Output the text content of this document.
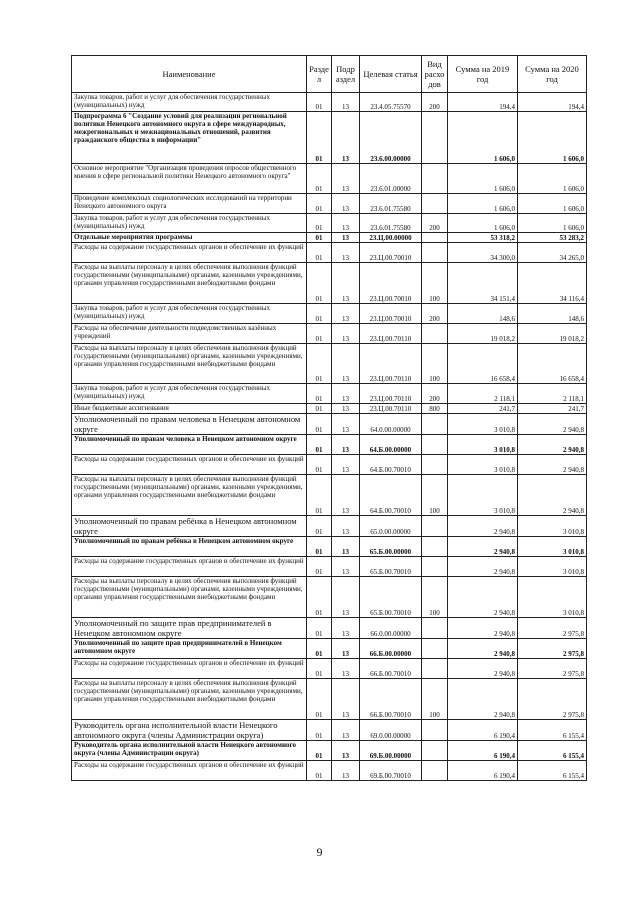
Наименование	Разде л	Подр аздел	Целевая статья	Вид расхо дов	Сумма на 2019 год	Сумма на 2020 год
Закупка товаров, работ и услуг для обеспечения государственных (муниципальных) нужд	01	13	23.4.05.75570	200	194,4	194,4
Подпрограмма 6 "Создание условий для реализации региональной политики Ненецкого автономного округа в сфере международных, межрегиональных и межнациональных отношений, развития гражданского общества в информации"	01	13	23.6.00.00000		1 606,0	1 606,0
Основное мероприятие "Организация проведения опросов общественного мнения в сфере региональной политики Ненецкого автономного округа"	01	13	23.6.01.00000		1 606,0	1 606,0
Проведение комплексных социологических исследований на территории Ненецкого автономного округа	01	13	23.6.01.75580		1 606,0	1 606,0
Закупка товаров, работ и услуг для обеспечения государственных (муниципальных) нужд	01	13	23.6.01.75580	200	1 606,0	1 606,0
Отдельные мероприятия программы	01	13	23.Ц.00.00000		53 318,2	53 283,2
Расходы на содержание государственных органов и обеспечение их функций	01	13	23.Ц.00.70010		34 300,0	34 265,0
Расходы на выплаты персоналу в целях обеспечения выполнения функций государственными (муниципальными) органами, казенными учреждениями, органами управления государственными внебюджетными фондами	01	13	23.Ц.00.70010	100	34 151,4	34 116,4
Закупка товаров, работ и услуг для обеспечения государственных (муниципальных) нужд	01	13	23.Ц.00.70010	200	148,6	148,6
Расходы на обеспечение деятельности подведомственных казённых учреждений	01	13	23.Ц.00.70110		19 018,2	19 018,2
Расходы на выплаты персоналу в целях обеспечения выполнения функций государственными (муниципальными) органами, казенными учреждениями, органами управления государственными внебюджетными фондами	01	13	23.Ц.00.70110	100	16 658,4	16 658,4
Закупка товаров, работ и услуг для обеспечения государственных (муниципальных) нужд	01	13	23.Ц.00.70110	200	2 118,1	2 118,1
Иные бюджетные ассигнования	01	13	23.Ц.00.70110	800	241,7	241,7
Уполномоченный по правам человека в Ненецком автономном округе	01	13	64.0.00.00000		3 010,8	2 940,8
Уполномоченный по правам человека в Ненецком автономном округе	01	13	64.Б.00.00000		3 010,8	2 940,8
Расходы на содержание государственных органов и обеспечение их функций	01	13	64.Б.00.70010		3 010,8	2 940,8
Расходы на выплаты персоналу в целях обеспечения выполнения функций государственными (муниципальными) органами, казенными учреждениями, органами управления государственными внебюджетными фондами	01	13	64.Б.00.70010	100	3 010,8	2 940,8
Уполномоченный по правам ребёнка в Ненецком автономном округе	01	13	65.0.00.00000		2 940,8	3 010,8
Уполномоченный по правам ребёнка в Ненецком автономном округе	01	13	65.Б.00.00000		2 940,8	3 010,8
Расходы на содержание государственных органов и обеспечение их функций	01	13	65.Б.00.70010		2 940,8	3 010,8
Расходы на выплаты персоналу в целях обеспечения выполнения функций государственными (муниципальными) органами, казенными учреждениями, органами управления государственными внебюджетными фондами	01	13	65.Б.00.70010	100	2 940,8	3 010,8
Уполномоченный по защите прав предпринимателей в Ненецком автономном округе	01	13	66.0.00.00000		2 940,8	2 975,8
Уполномоченный по защите прав предпринимателей в Ненецком автономном округе	01	13	66.Б.00.00000		2 940,8	2 975,8
Расходы на содержание государственных органов и обеспечение их функций	01	13	66.Б.00.70010		2 940,8	2 975,8
Расходы на выплаты персоналу в целях обеспечения выполнения функций государственными (муниципальными) органами, казенными учреждениями, органами управления государственными внебюджетными фондами	01	13	66.Б.00.70010	100	2 940,8	2 975,8
Руководитель органа исполнительной власти Ненецкого автономного округа (члены Администрации округа)	01	13	69.0.00.00000		6 190,4	6 155,4
Руководитель органа исполнительной власти Ненецкого автономного округа (члены Администрации округа)	01	13	69.Б.00.00000		6 190,4	6 155,4
Расходы на содержание государственных органов и обеспечение их функций	01	13	69.Б.00.70010		6 190,4	6 155,4
9
